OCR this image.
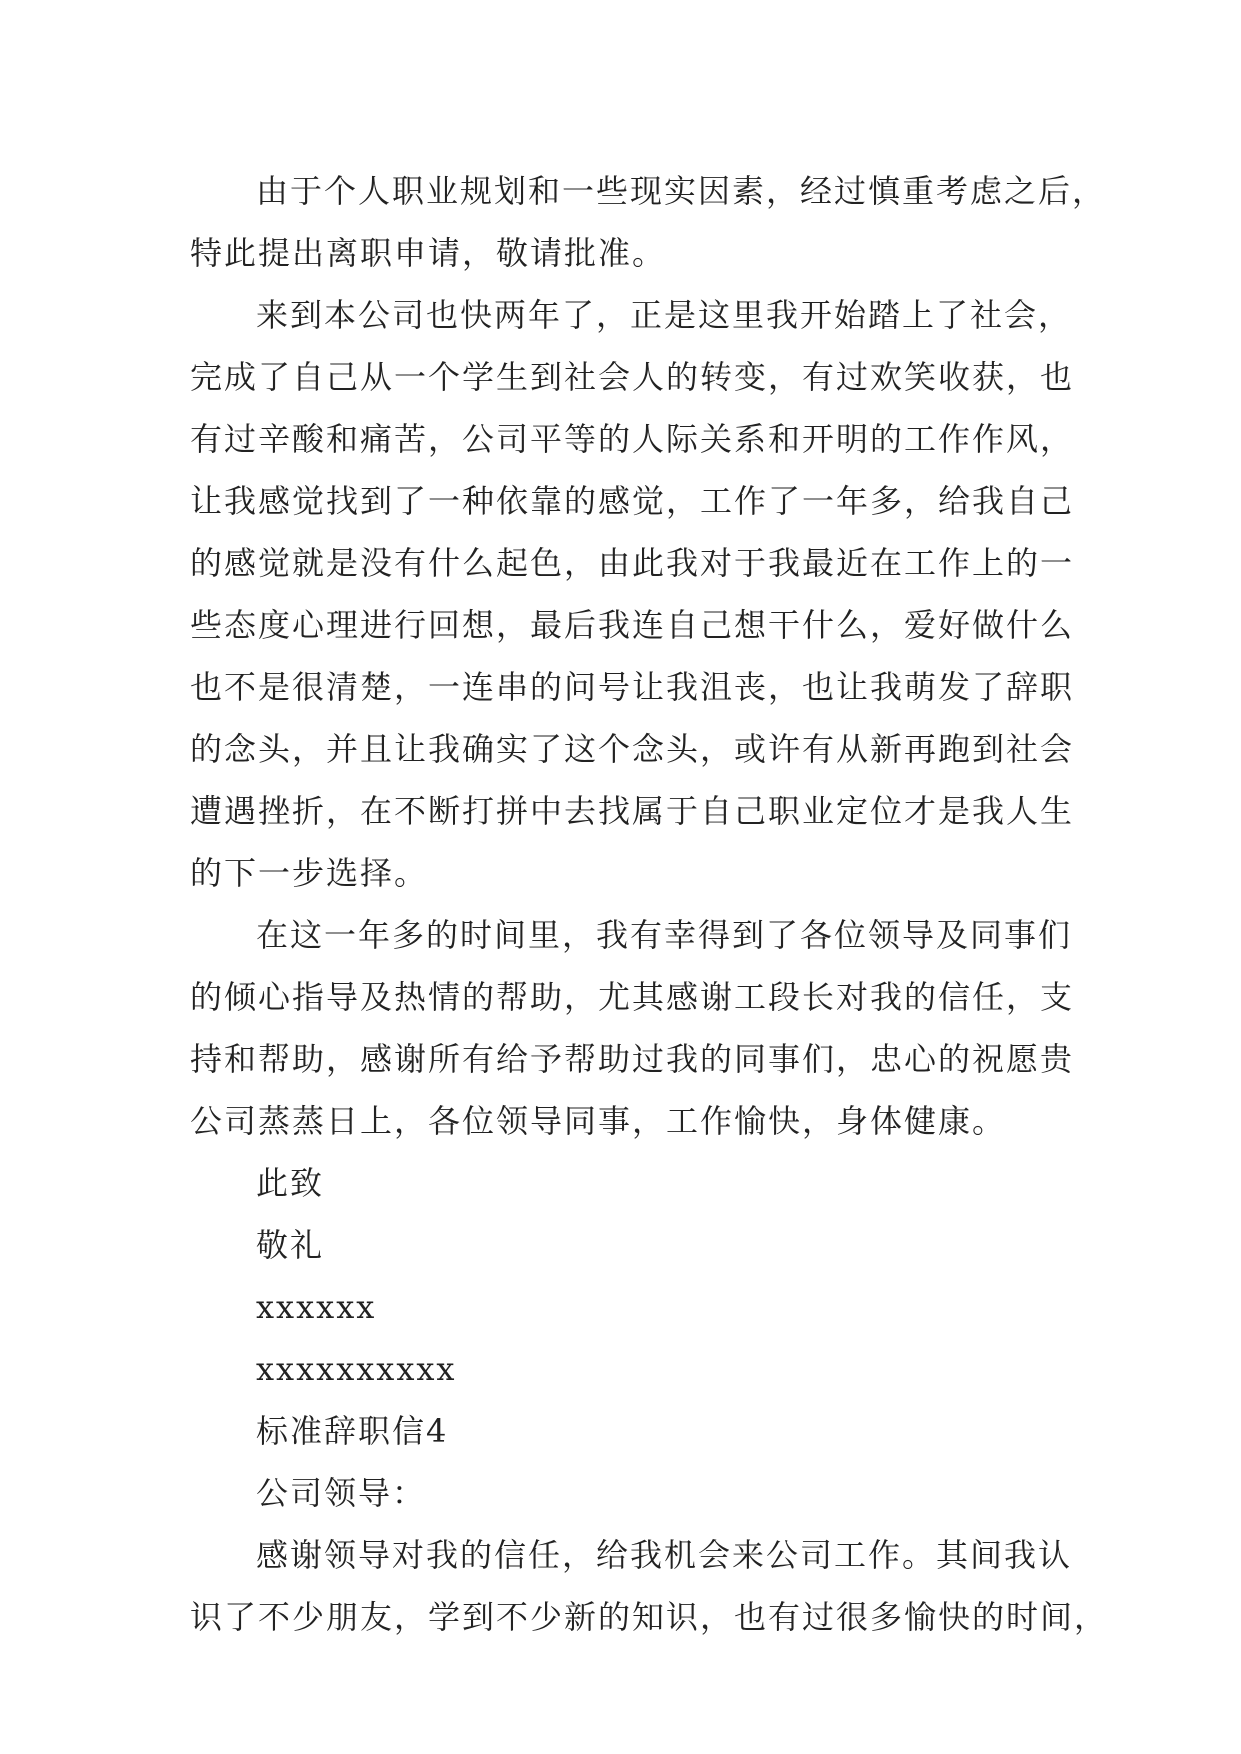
由于个人职业规划和一些现实因素，经过慎重考虑之后，
特此提出离职申请，敬请批准。
来到本公司也快两年了，正是这里我开始踏上了社会，
完成了自己从一个学生到社会人的转变，有过欢笑收获，也
有过辛酸和痛苦，公司平等的人际关系和开明的工作作风，
让我感觉找到了一种依靠的感觉，工作了一年多，给我自己
的感觉就是没有什么起色，由此我对于我最近在工作上的一
些态度心理进行回想，最后我连自己想干什么，爱好做什么
也不是很清楚，一连串的问号让我沮丧，也让我萌发了辞职
的念头，并且让我确实了这个念头，或许有从新再跑到社会
遭遇挫折，在不断打拼中去找属于自己职业定位才是我人生
的下一步选择。
在这一年多的时间里，我有幸得到了各位领导及同事们
的倾心指导及热情的帮助，尤其感谢工段长对我的信任，支
持和帮助，感谢所有给予帮助过我的同事们，忠心的祝愿贵
公司蒸蒸日上，各位领导同事，工作愉快，身体健康。
此致
敬礼
xxxxxx
xxxxxxxxxx
标准辞职信4
公司领导：
感谢领导对我的信任，给我机会来公司工作。其间我认
识了不少朋友，学到不少新的知识，也有过很多愉快的时间，
